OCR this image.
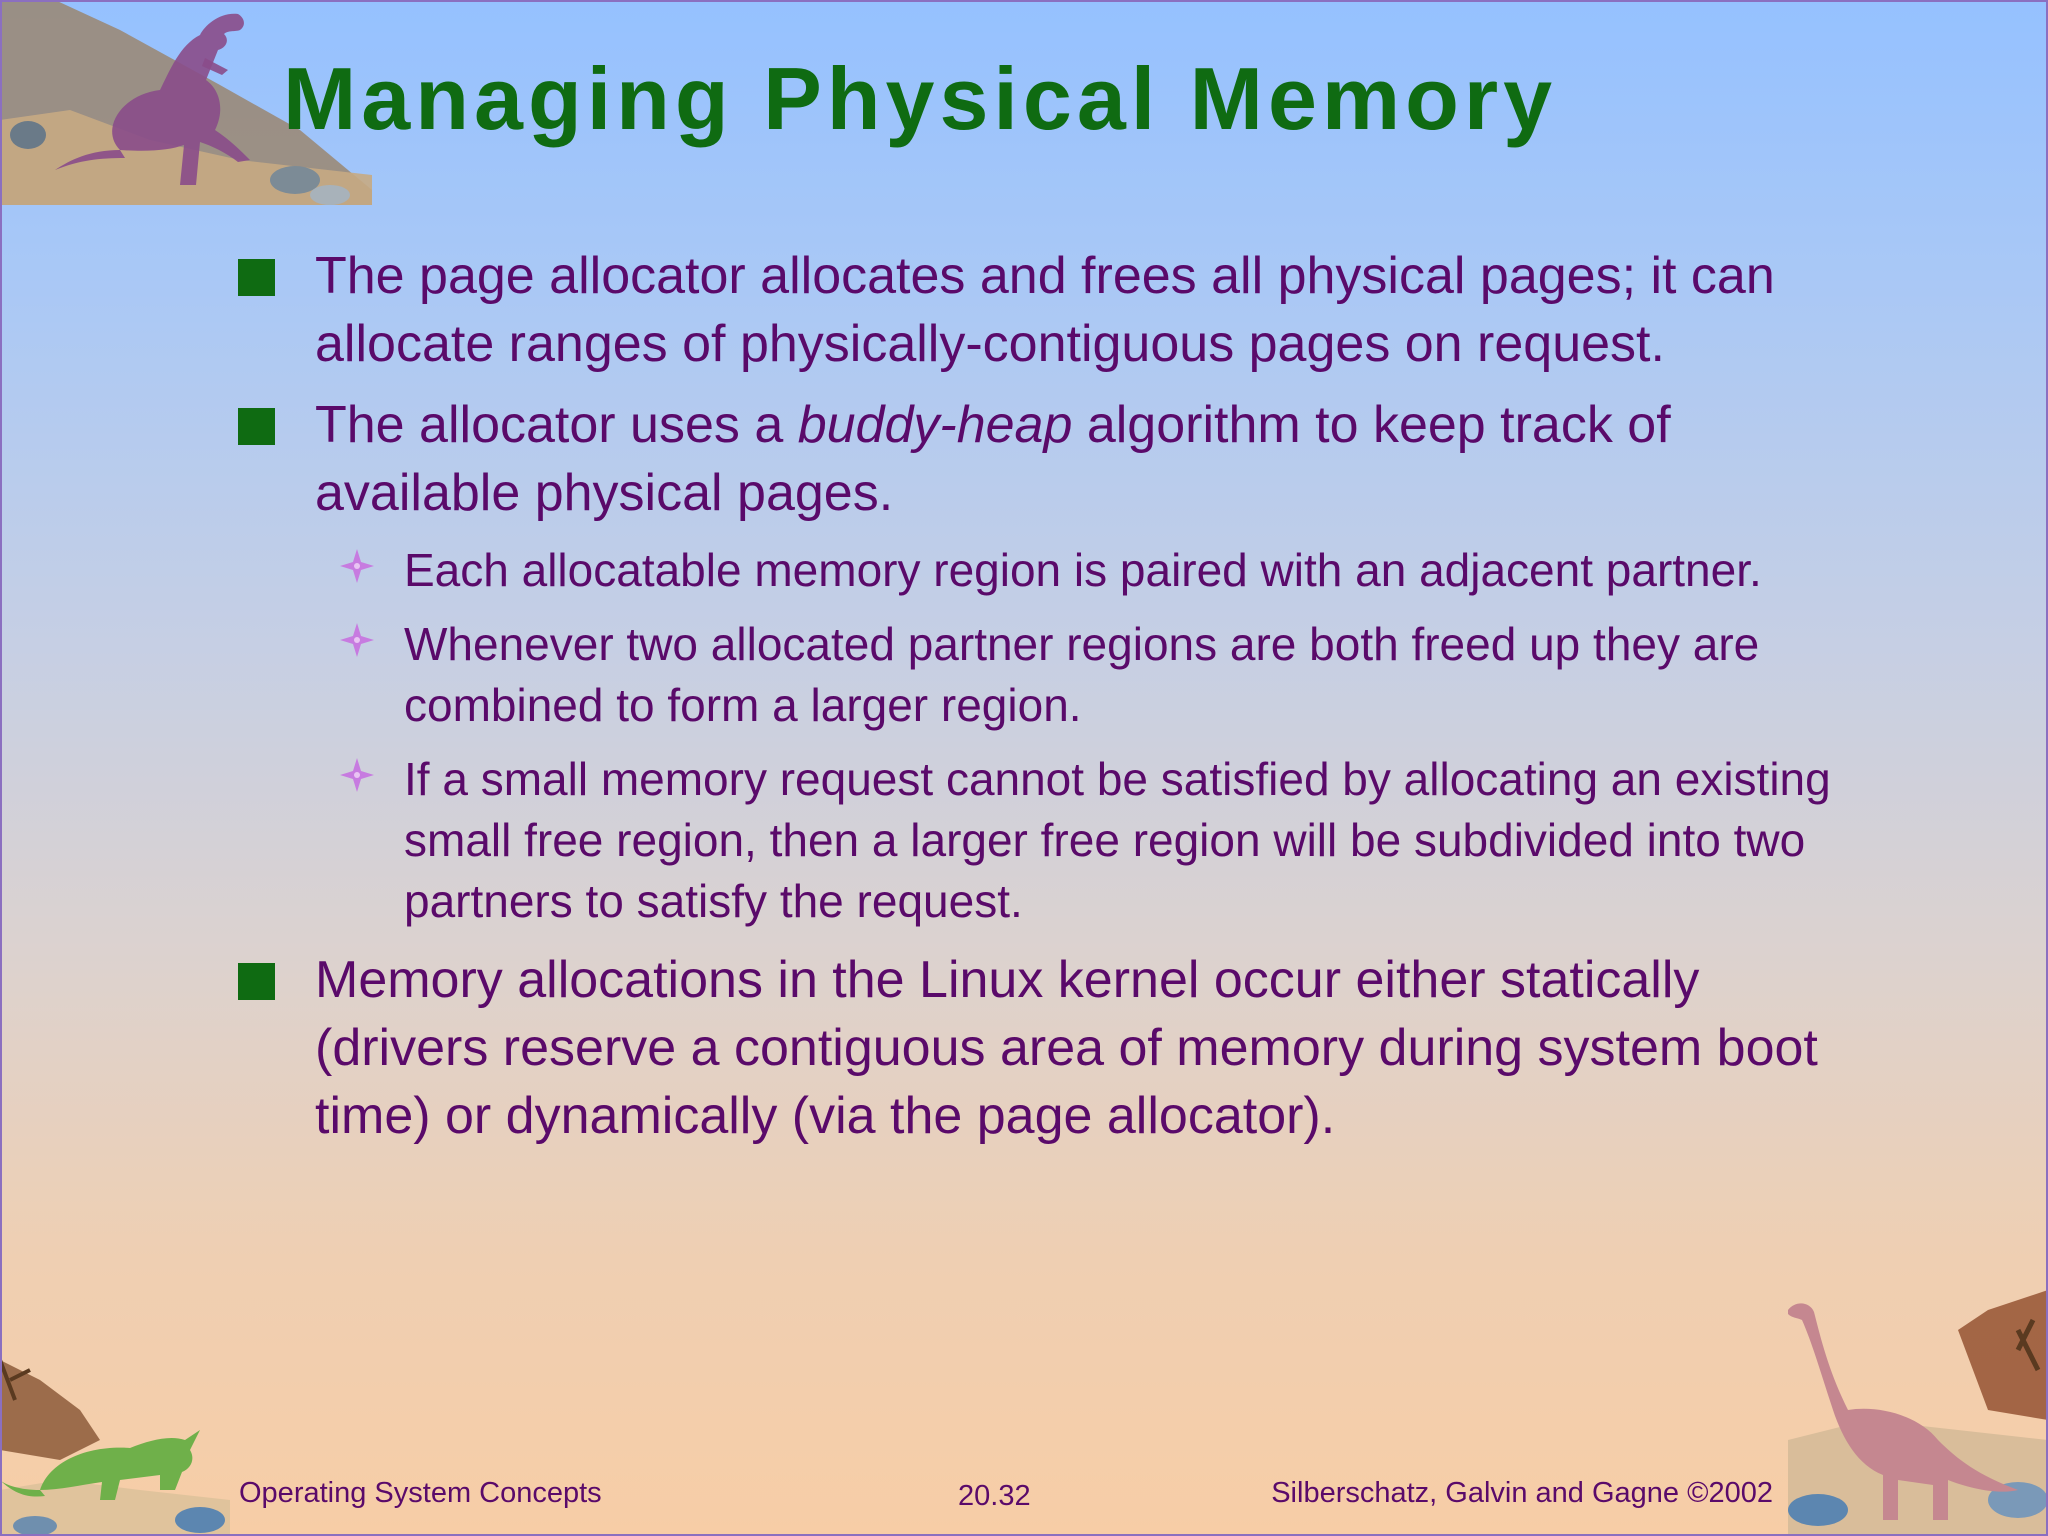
Managing Physical Memory
The page allocator allocates and frees all physical pages; it can allocate ranges of physically-contiguous pages on request.
The allocator uses a buddy-heap algorithm to keep track of available physical pages.
Each allocatable memory region is paired with an adjacent partner.
Whenever two allocated partner regions are both freed up they are combined to form a larger region.
If a small memory request cannot be satisfied by allocating an existing small free region, then a larger free region will be subdivided into two partners to satisfy the request.
Memory allocations in the Linux kernel occur either statically (drivers reserve a contiguous area of memory during system boot time) or dynamically (via the page allocator).
Operating System Concepts	20.32	Silberschatz, Galvin and Gagne ©2002
